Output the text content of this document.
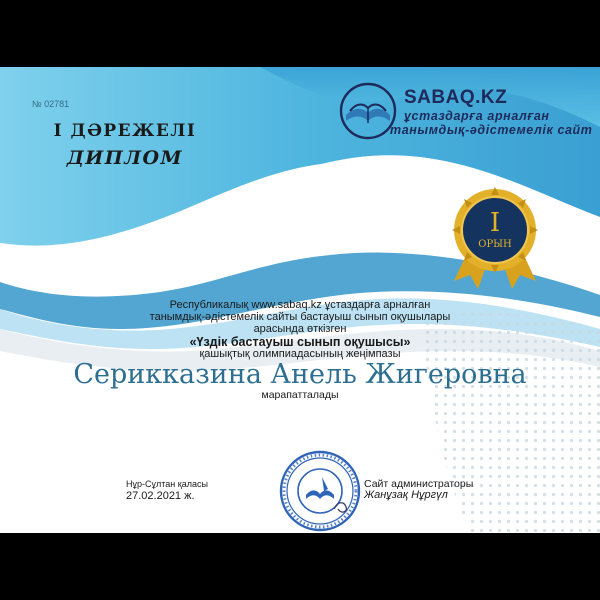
№ 02781
І ДӘРЕЖЕЛІ
ДИПЛОМ
SABAQ.KZ
ұстаздарға арналған
танымдық-әдістемелік сайт
I
ОРЫН
Республикалық www.sabaq.kz ұстаздарға арналған
танымдық-әдістемелік сайты бастауыш сынып оқушылары
арасында өткізген
«Үздік бастауыш сынып оқушысы»
қашықтық олимпиадасының жеңімпазы
Серикказина Анель Жигеровна
марапатталады
Нұр-Сұлтан қаласы
27.02.2021 ж.
Сайт администраторы
Жанұзақ Нұргүл
